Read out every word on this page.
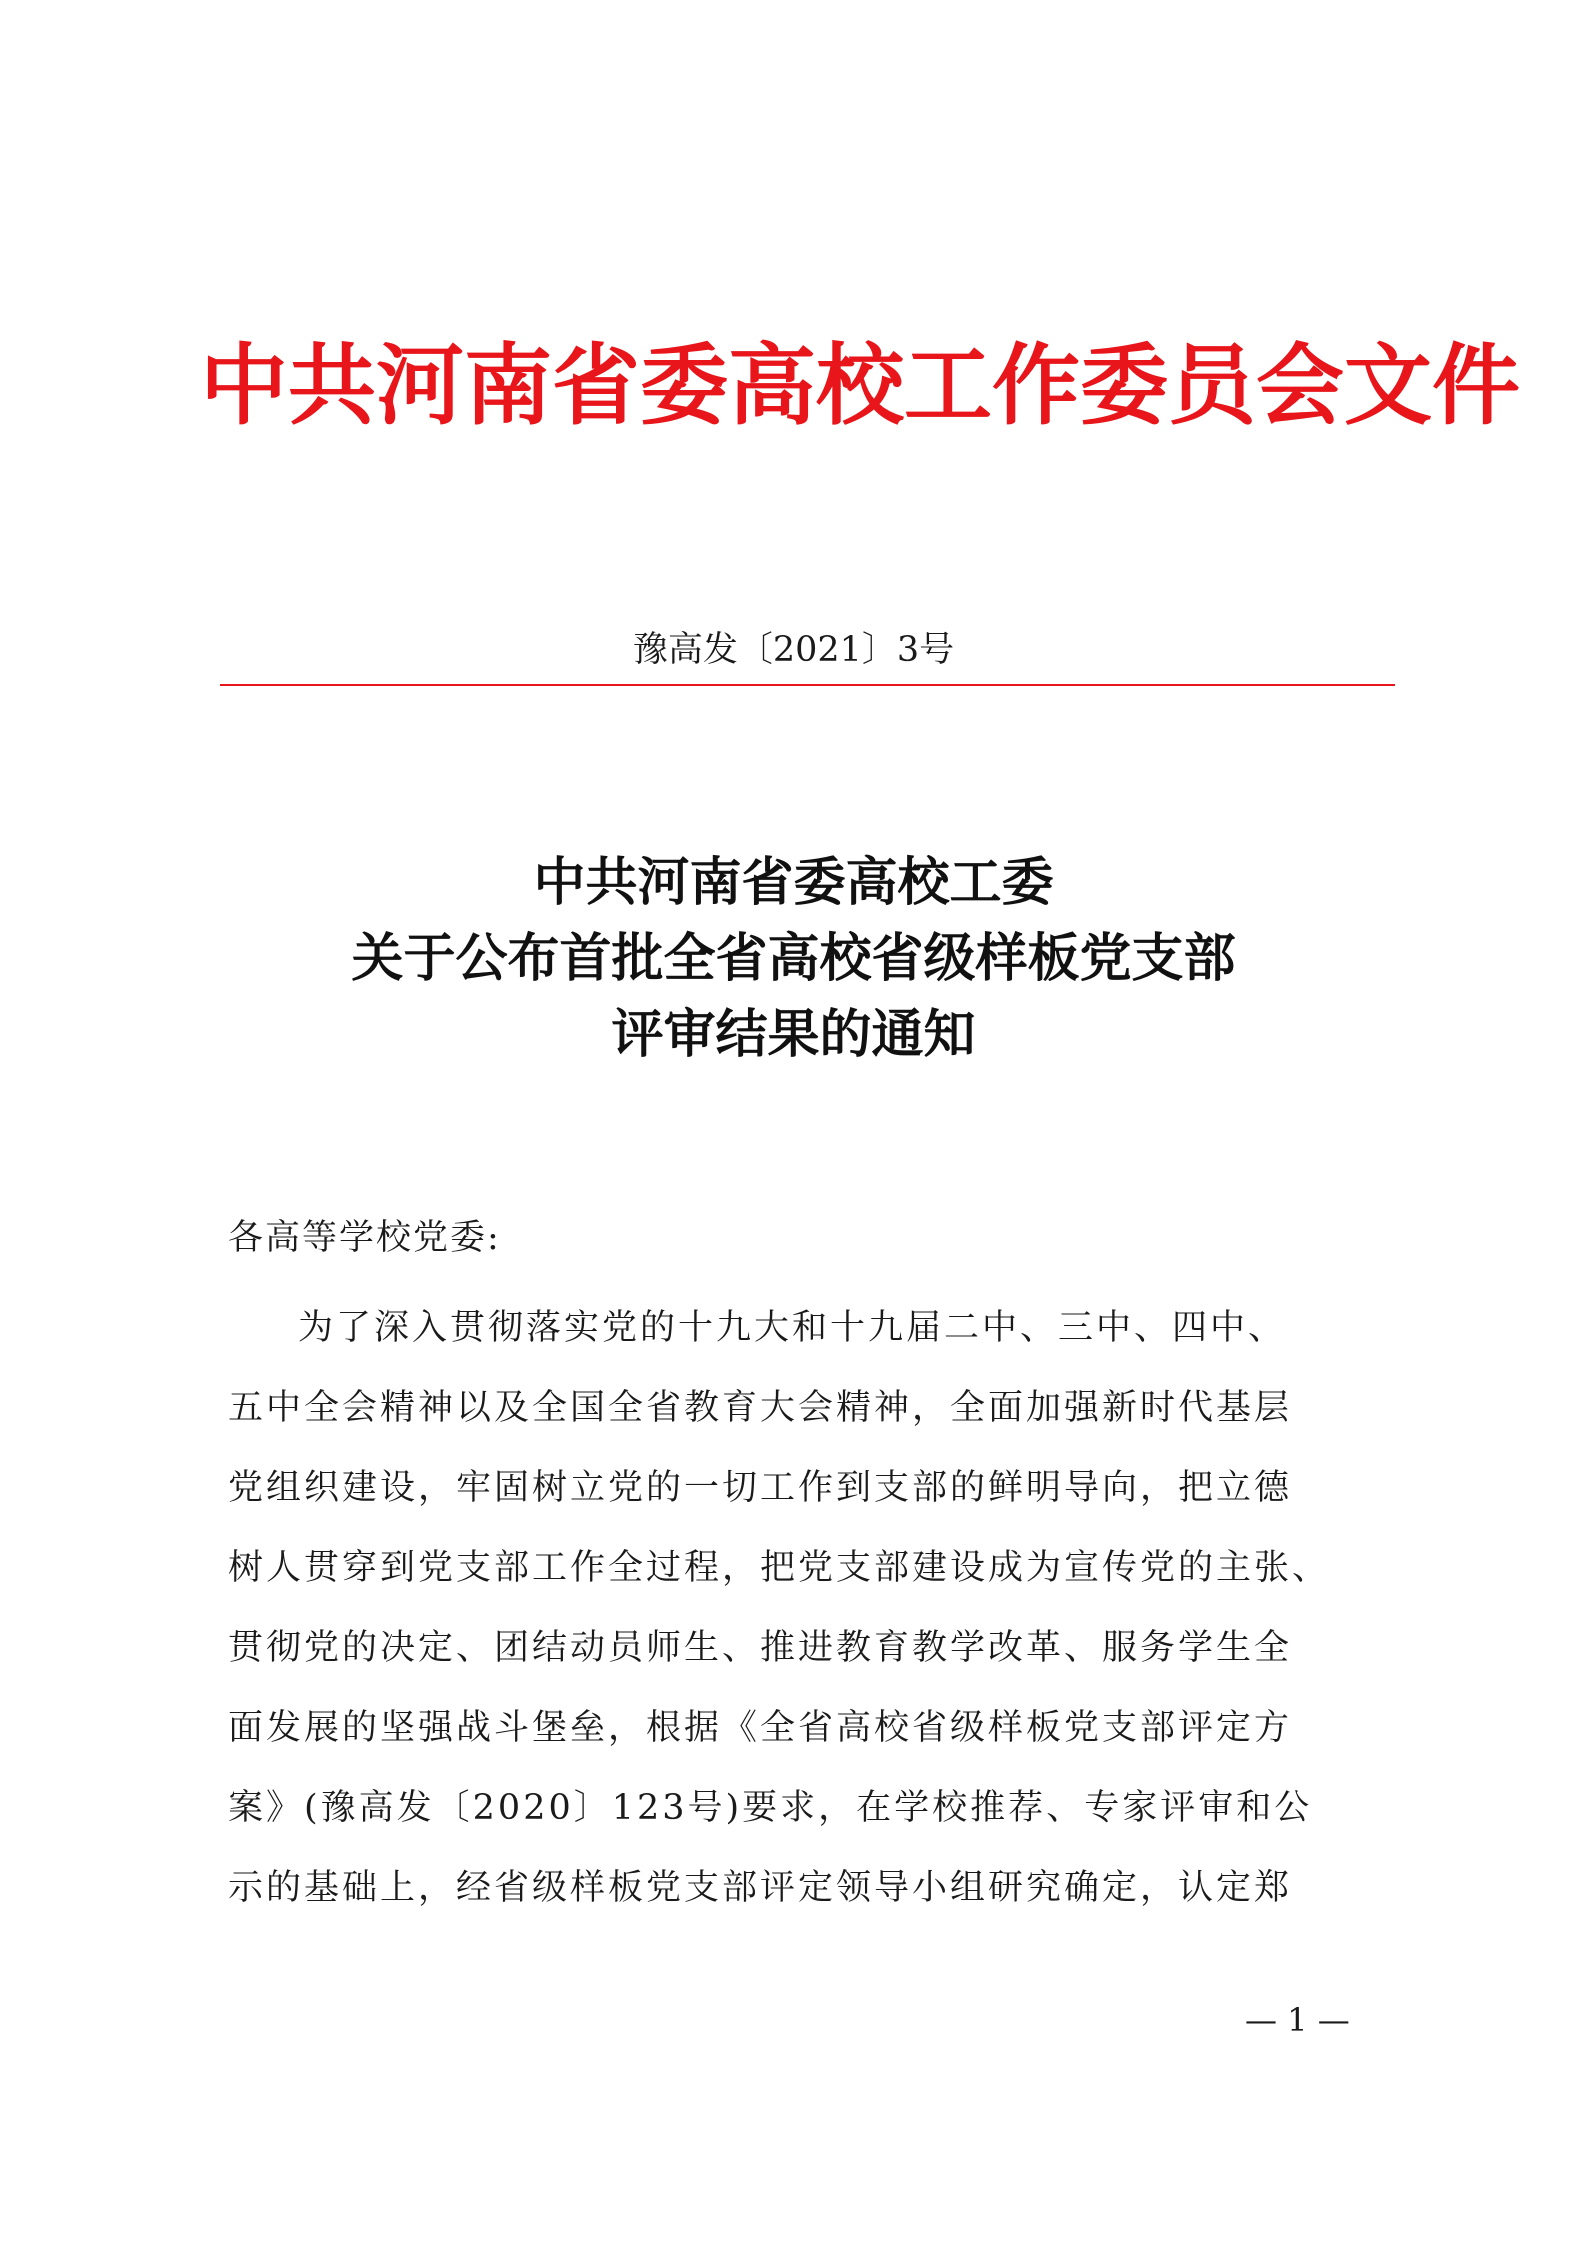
中共河南省委高校工作委员会文件
豫高发〔2021〕3号
中共河南省委高校工委
关于公布首批全省高校省级样板党支部
评审结果的通知
各高等学校党委:
为了深入贯彻落实党的十九大和十九届二中、三中、四中、
五中全会精神以及全国全省教育大会精神，全面加强新时代基层
党组织建设，牢固树立党的一切工作到支部的鲜明导向，把立德
树人贯穿到党支部工作全过程，把党支部建设成为宣传党的主张、
贯彻党的决定、团结动员师生、推进教育教学改革、服务学生全
面发展的坚强战斗堡垒，根据《全省高校省级样板党支部评定方
案》(豫高发〔2020〕123号)要求，在学校推荐、专家评审和公
示的基础上，经省级样板党支部评定领导小组研究确定，认定郑
— 1 —
